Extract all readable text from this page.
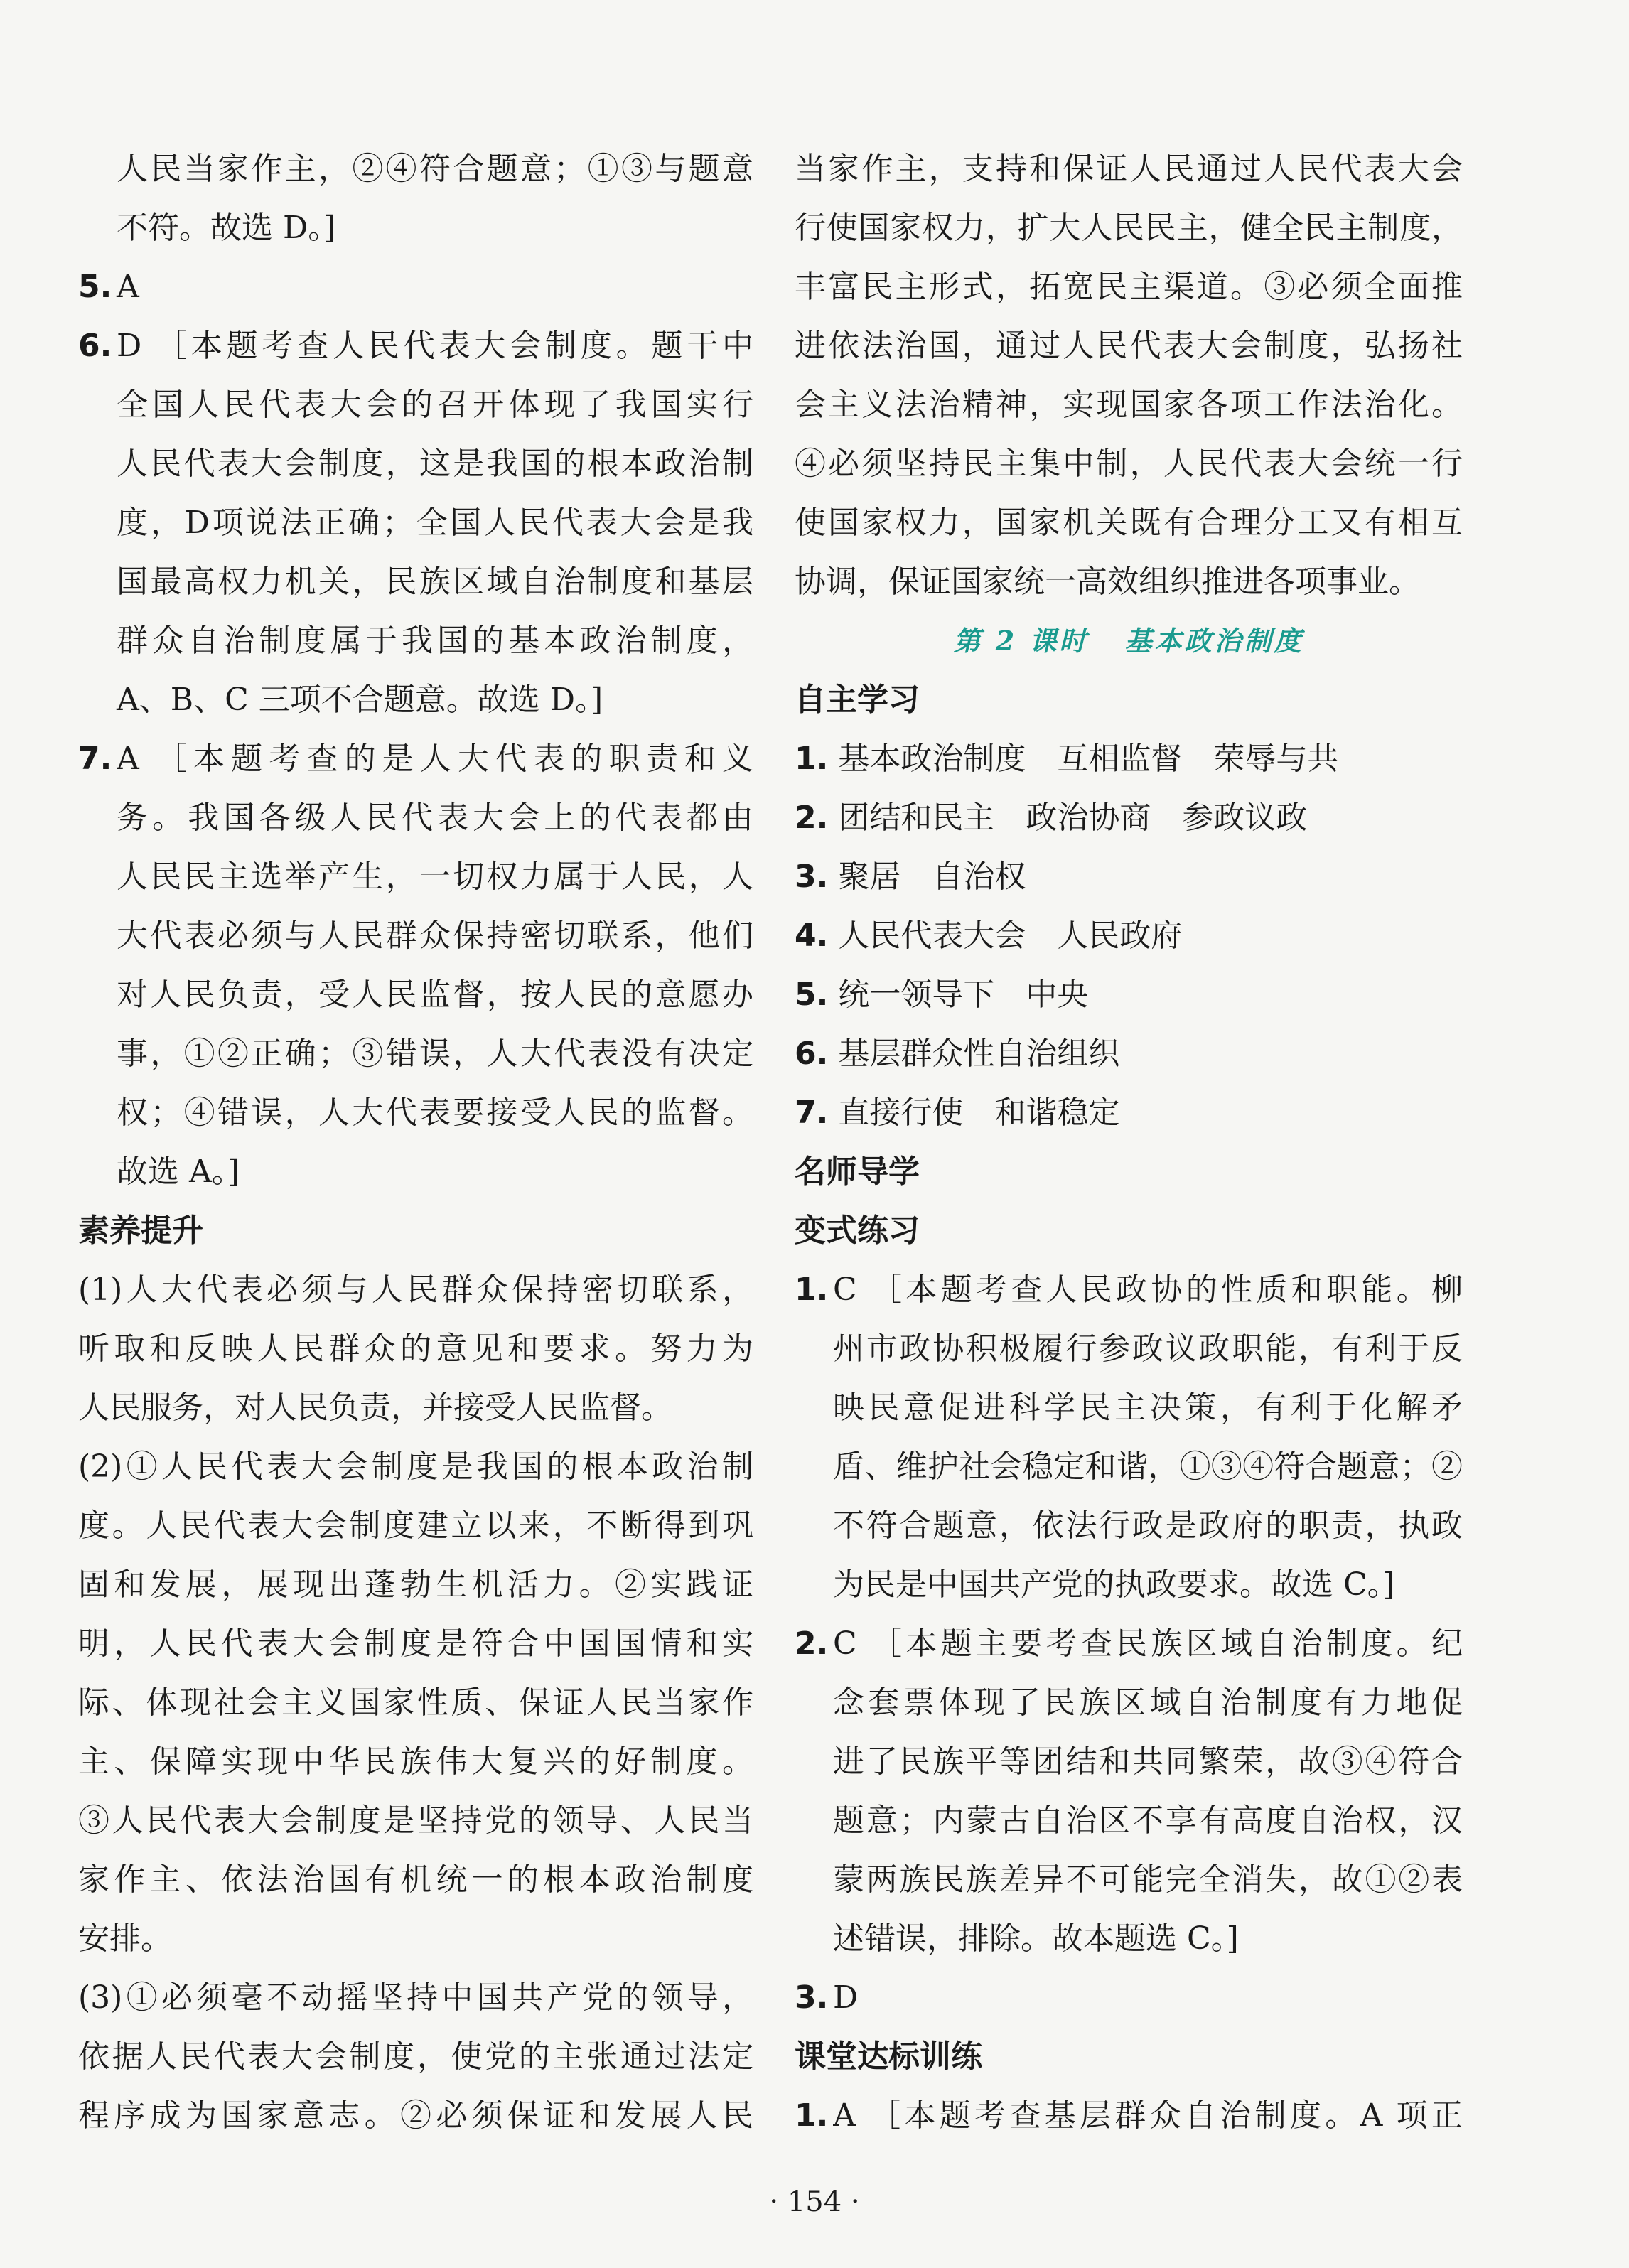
人民当家作主，②④符合题意；①③与题意
不符。故选 D。]
5. A
6. D ［本题考查人民代表大会制度。题干中
全国人民代表大会的召开体现了我国实行
人民代表大会制度，这是我国的根本政治制
度，D项说法正确；全国人民代表大会是我
国最高权力机关，民族区域自治制度和基层
群众自治制度属于我国的基本政治制度，
A、B、C 三项不合题意。故选 D。]
7. A ［本题考查的是人大代表的职责和义
务。我国各级人民代表大会上的代表都由
人民民主选举产生，一切权力属于人民，人
大代表必须与人民群众保持密切联系，他们
对人民负责，受人民监督，按人民的意愿办
事，①②正确；③错误，人大代表没有决定
权；④错误，人大代表要接受人民的监督。
故选 A。]
素养提升
(1)人大代表必须与人民群众保持密切联系，
听取和反映人民群众的意见和要求。努力为
人民服务，对人民负责，并接受人民监督。
(2)①人民代表大会制度是我国的根本政治制
度。人民代表大会制度建立以来，不断得到巩
固和发展，展现出蓬勃生机活力。②实践证
明，人民代表大会制度是符合中国国情和实
际、体现社会主义国家性质、保证人民当家作
主、保障实现中华民族伟大复兴的好制度。
③人民代表大会制度是坚持党的领导、人民当
家作主、依法治国有机统一的根本政治制度
安排。
(3)①必须毫不动摇坚持中国共产党的领导，
依据人民代表大会制度，使党的主张通过法定
程序成为国家意志。②必须保证和发展人民
当家作主，支持和保证人民通过人民代表大会
行使国家权力，扩大人民民主，健全民主制度，
丰富民主形式，拓宽民主渠道。③必须全面推
进依法治国，通过人民代表大会制度，弘扬社
会主义法治精神，实现国家各项工作法治化。
④必须坚持民主集中制，人民代表大会统一行
使国家权力，国家机关既有合理分工又有相互
协调，保证国家统一高效组织推进各项事业。
第 2 课时 基本政治制度
自主学习
1. 基本政治制度　互相监督　荣辱与共
2. 团结和民主　政治协商　参政议政
3. 聚居　自治权
4. 人民代表大会　人民政府
5. 统一领导下　中央
6. 基层群众性自治组织
7. 直接行使　和谐稳定
名师导学
变式练习
1. C ［本题考查人民政协的性质和职能。柳
州市政协积极履行参政议政职能，有利于反
映民意促进科学民主决策，有利于化解矛
盾、维护社会稳定和谐，①③④符合题意；②
不符合题意，依法行政是政府的职责，执政
为民是中国共产党的执政要求。故选 C。]
2. C ［本题主要考查民族区域自治制度。纪
念套票体现了民族区域自治制度有力地促
进了民族平等团结和共同繁荣，故③④符合
题意；内蒙古自治区不享有高度自治权，汉
蒙两族民族差异不可能完全消失，故①②表
述错误，排除。故本题选 C。]
3. D
课堂达标训练
1. A ［本题考查基层群众自治制度。A 项正
· 154 ·
